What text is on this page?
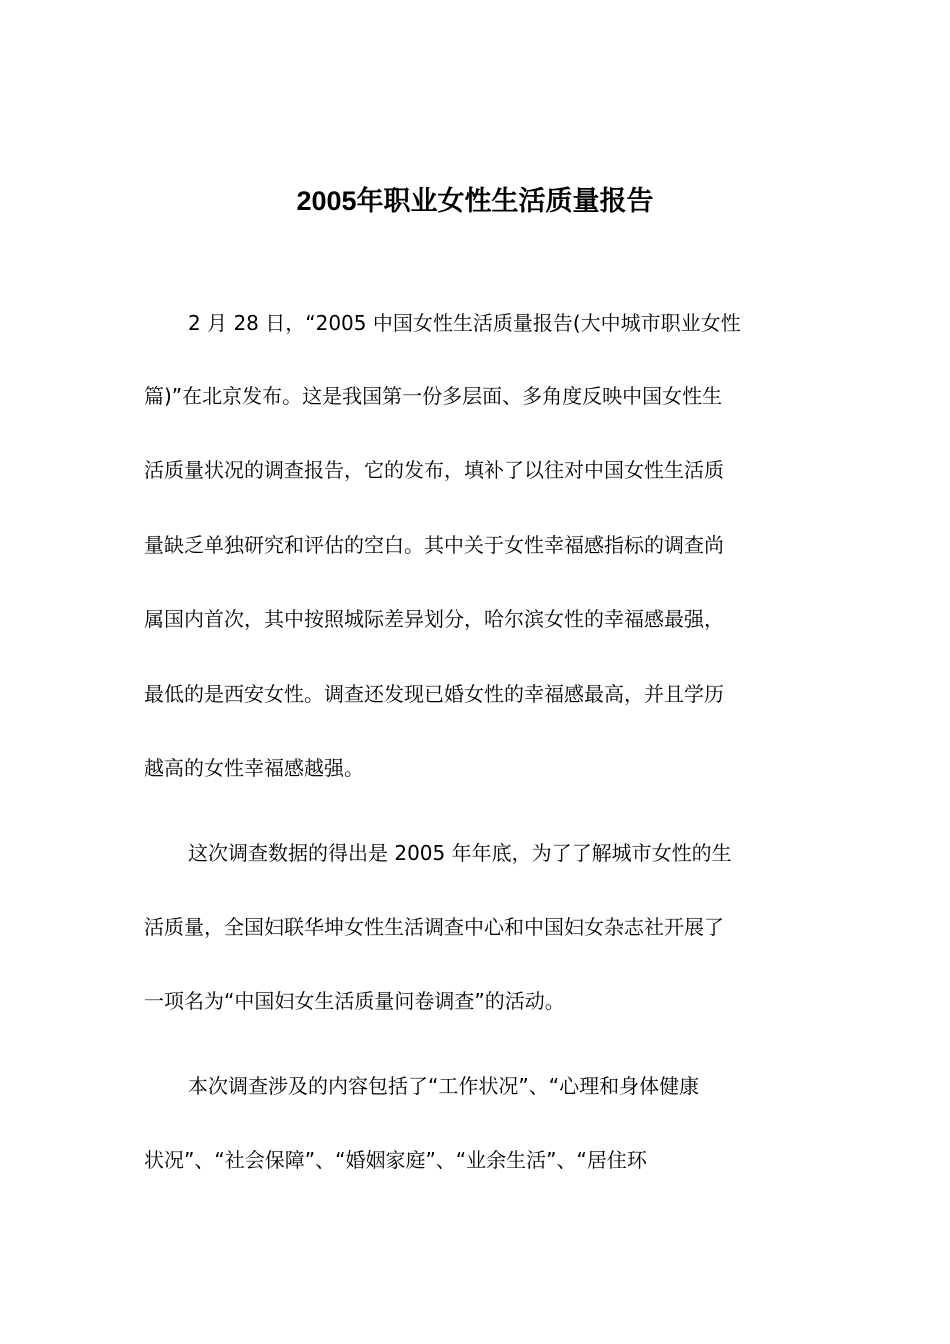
2005年职业女性生活质量报告
2 月 28 日，“2005 中国女性生活质量报告(大中城市职业女性
篇)”在北京发布。这是我国第一份多层面、多角度反映中国女性生
活质量状况的调查报告，它的发布，填补了以往对中国女性生活质
量缺乏单独研究和评估的空白。其中关于女性幸福感指标的调查尚
属国内首次，其中按照城际差异划分，哈尔滨女性的幸福感最强，
最低的是西安女性。调查还发现已婚女性的幸福感最高，并且学历
越高的女性幸福感越强。
这次调查数据的得出是 2005 年年底，为了了解城市女性的生
活质量，全国妇联华坤女性生活调查中心和中国妇女杂志社开展了
一项名为“中国妇女生活质量问卷调查”的活动。
本次调查涉及的内容包括了“工作状况”、“心理和身体健康
状况”、“社会保障”、“婚姻家庭”、“业余生活”、“居住环
